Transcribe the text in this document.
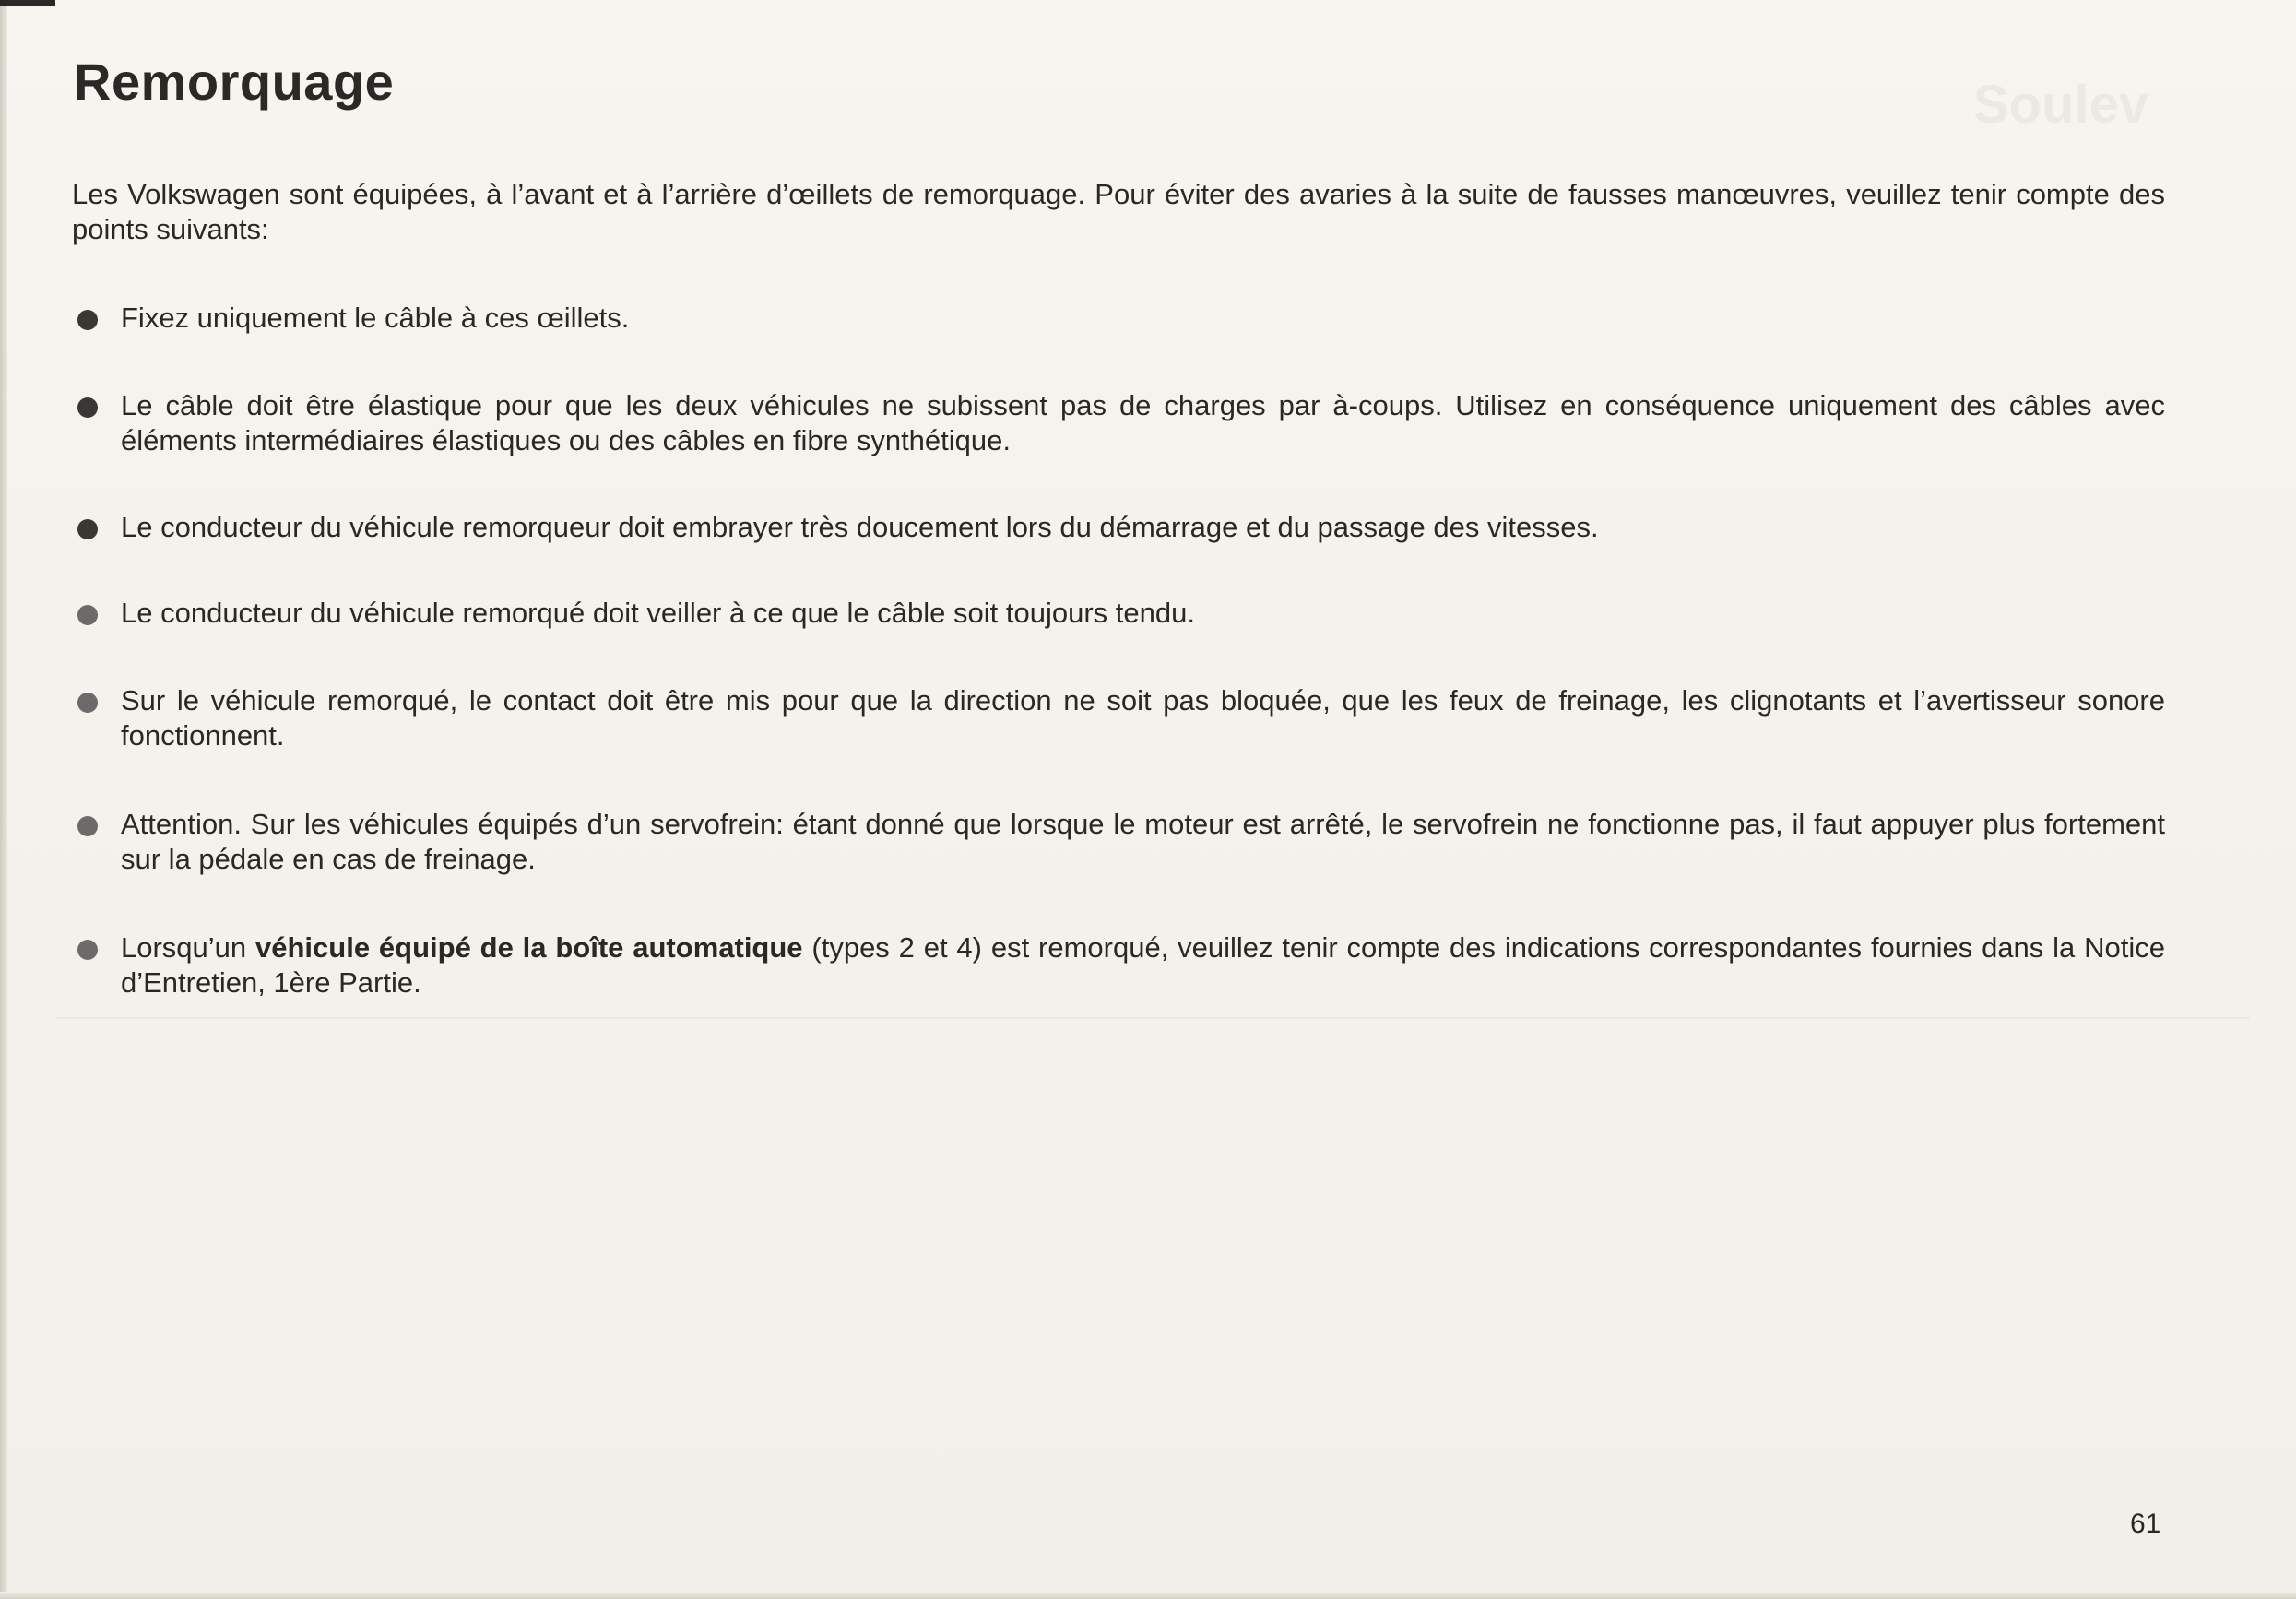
Soulev
Remorquage

Les Volkswagen sont équipées, à l’avant et à l’arrière d’œillets de remorquage. Pour éviter des avaries à la suite de fausses manœuvres, veuillez tenir compte des points suivants:

Fixez uniquement le câble à ces œillets.
Le câble doit être élastique pour que les deux véhicules ne subissent pas de charges par à-coups. Utilisez en conséquence uniquement des câbles avec éléments intermédiaires élastiques ou des câbles en fibre synthétique.
Le conducteur du véhicule remorqueur doit embrayer très doucement lors du démarrage et du passage des vitesses.
Le conducteur du véhicule remorqué doit veiller à ce que le câble soit toujours tendu.
Sur le véhicule remorqué, le contact doit être mis pour que la direction ne soit pas bloquée, que les feux de freinage, les clignotants et l’avertisseur sonore fonctionnent.
Attention. Sur les véhicules équipés d’un servofrein: étant donné que lorsque le moteur est arrêté, le servofrein ne fonctionne pas, il faut appuyer plus fortement sur la pédale en cas de freinage.
Lorsqu’un véhicule équipé de la boîte automatique (types 2 et 4) est remorqué, veuillez tenir compte des indications correspondantes fournies dans la Notice d’Entretien, 1ère Partie.
61
